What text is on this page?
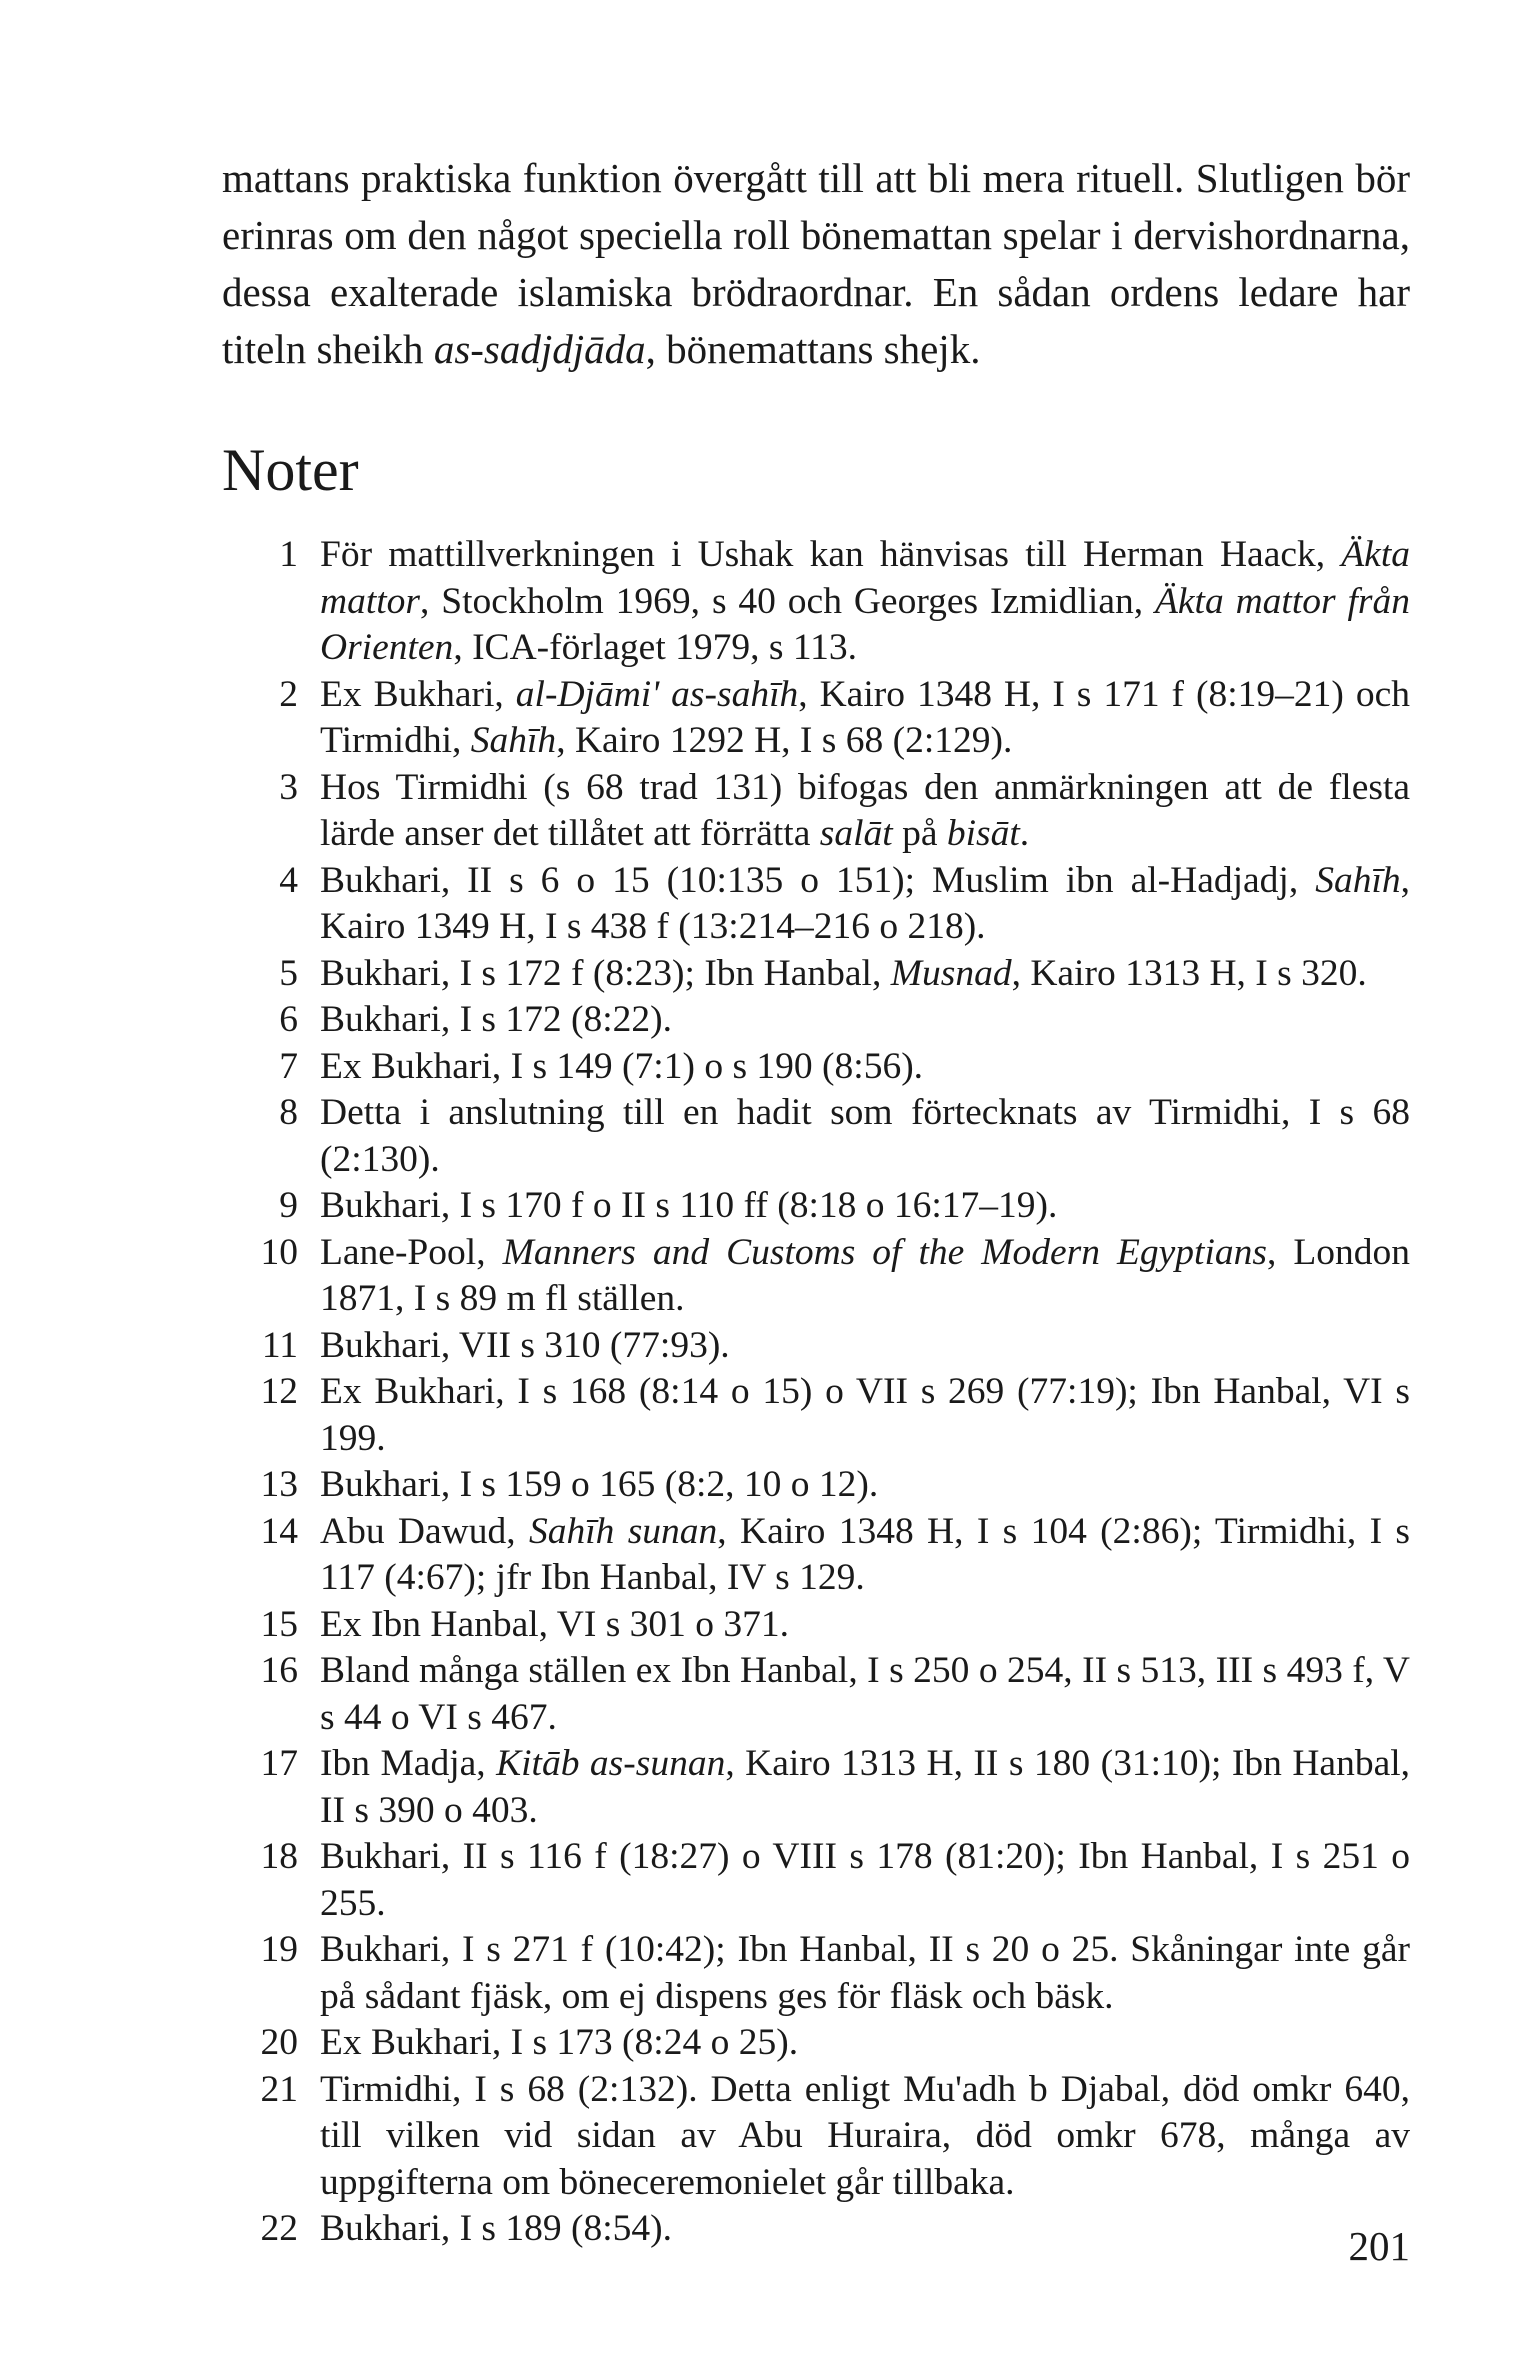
mattans praktiska funktion övergått till att bli mera rituell. Slutligen bör erinras om den något speciella roll bönemattan spelar i dervishordnarna, dessa exalterade islamiska brödraordnar. En sådan ordens ledare har titeln sheikh as-sadjdjāda, bönemattans shejk.

Noter
1 För mattillverkningen i Ushak kan hänvisas till Herman Haack, Äkta mattor, Stockholm 1969, s 40 och Georges Izmidlian, Äkta mattor från Orienten, ICA-förlaget 1979, s 113.
2 Ex Bukhari, al-Djāmi' as-sahīh, Kairo 1348 H, I s 171 f (8:19–21) och Tirmidhi, Sahīh, Kairo 1292 H, I s 68 (2:129).
3 Hos Tirmidhi (s 68 trad 131) bifogas den anmärkningen att de flesta lärde anser det tillåtet att förrätta salāt på bisāt.
4 Bukhari, II s 6 o 15 (10:135 o 151); Muslim ibn al-Hadjadj, Sahīh, Kairo 1349 H, I s 438 f (13:214–216 o 218).
5 Bukhari, I s 172 f (8:23); Ibn Hanbal, Musnad, Kairo 1313 H, I s 320.
6 Bukhari, I s 172 (8:22).
7 Ex Bukhari, I s 149 (7:1) o s 190 (8:56).
8 Detta i anslutning till en hadit som förtecknats av Tirmidhi, I s 68 (2:130).
9 Bukhari, I s 170 f o II s 110 ff (8:18 o 16:17–19).
10 Lane-Pool, Manners and Customs of the Modern Egyptians, London 1871, I s 89 m fl ställen.
11 Bukhari, VII s 310 (77:93).
12 Ex Bukhari, I s 168 (8:14 o 15) o VII s 269 (77:19); Ibn Hanbal, VI s 199.
13 Bukhari, I s 159 o 165 (8:2, 10 o 12).
14 Abu Dawud, Sahīh sunan, Kairo 1348 H, I s 104 (2:86); Tirmidhi, I s 117 (4:67); jfr Ibn Hanbal, IV s 129.
15 Ex Ibn Hanbal, VI s 301 o 371.
16 Bland många ställen ex Ibn Hanbal, I s 250 o 254, II s 513, III s 493 f, V s 44 o VI s 467.
17 Ibn Madja, Kitāb as-sunan, Kairo 1313 H, II s 180 (31:10); Ibn Hanbal, II s 390 o 403.
18 Bukhari, II s 116 f (18:27) o VIII s 178 (81:20); Ibn Hanbal, I s 251 o 255.
19 Bukhari, I s 271 f (10:42); Ibn Hanbal, II s 20 o 25. Skåningar inte går på sådant fjäsk, om ej dispens ges för fläsk och bäsk.
20 Ex Bukhari, I s 173 (8:24 o 25).
21 Tirmidhi, I s 68 (2:132). Detta enligt Mu'adh b Djabal, död omkr 640, till vilken vid sidan av Abu Huraira, död omkr 678, många av uppgifterna om böneceremonielet går tillbaka.
22 Bukhari, I s 189 (8:54).	201
